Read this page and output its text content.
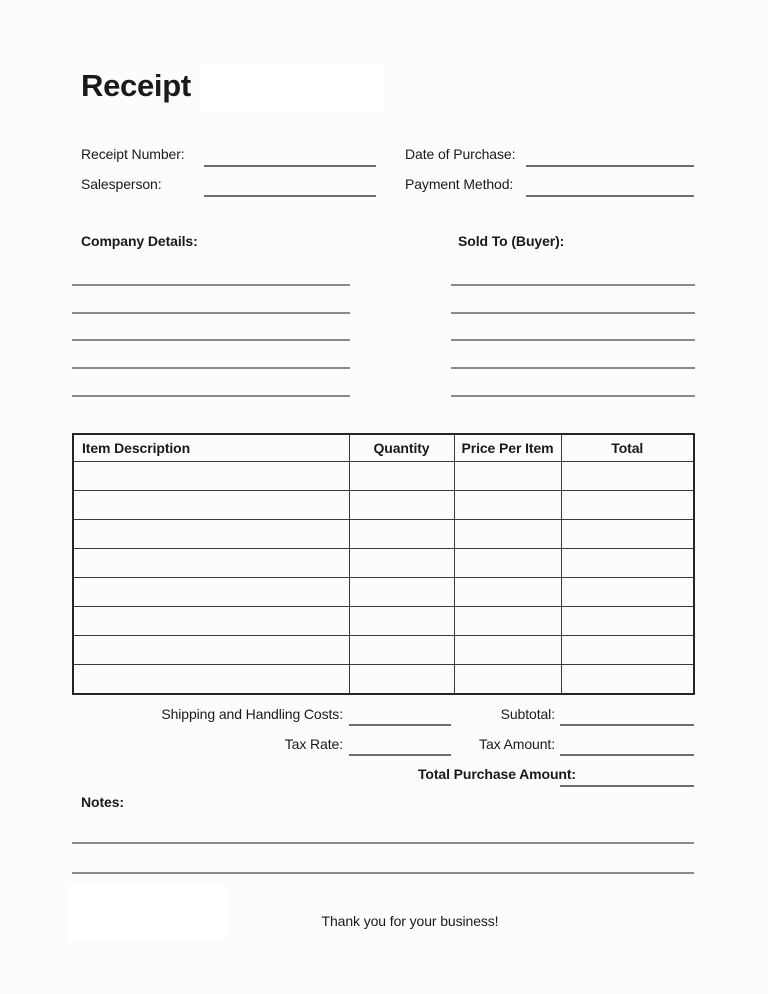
Receipt
Receipt Number:	Date of Purchase:
Salesperson:	Payment Method:
Company Details:	Sold To (Buyer):
Item Description	Quantity	Price Per Item	Total

Shipping and Handling Costs:	Subtotal:
Tax Rate:	Tax Amount:
Total Purchase Amount:
Notes:
Thank you for your business!
